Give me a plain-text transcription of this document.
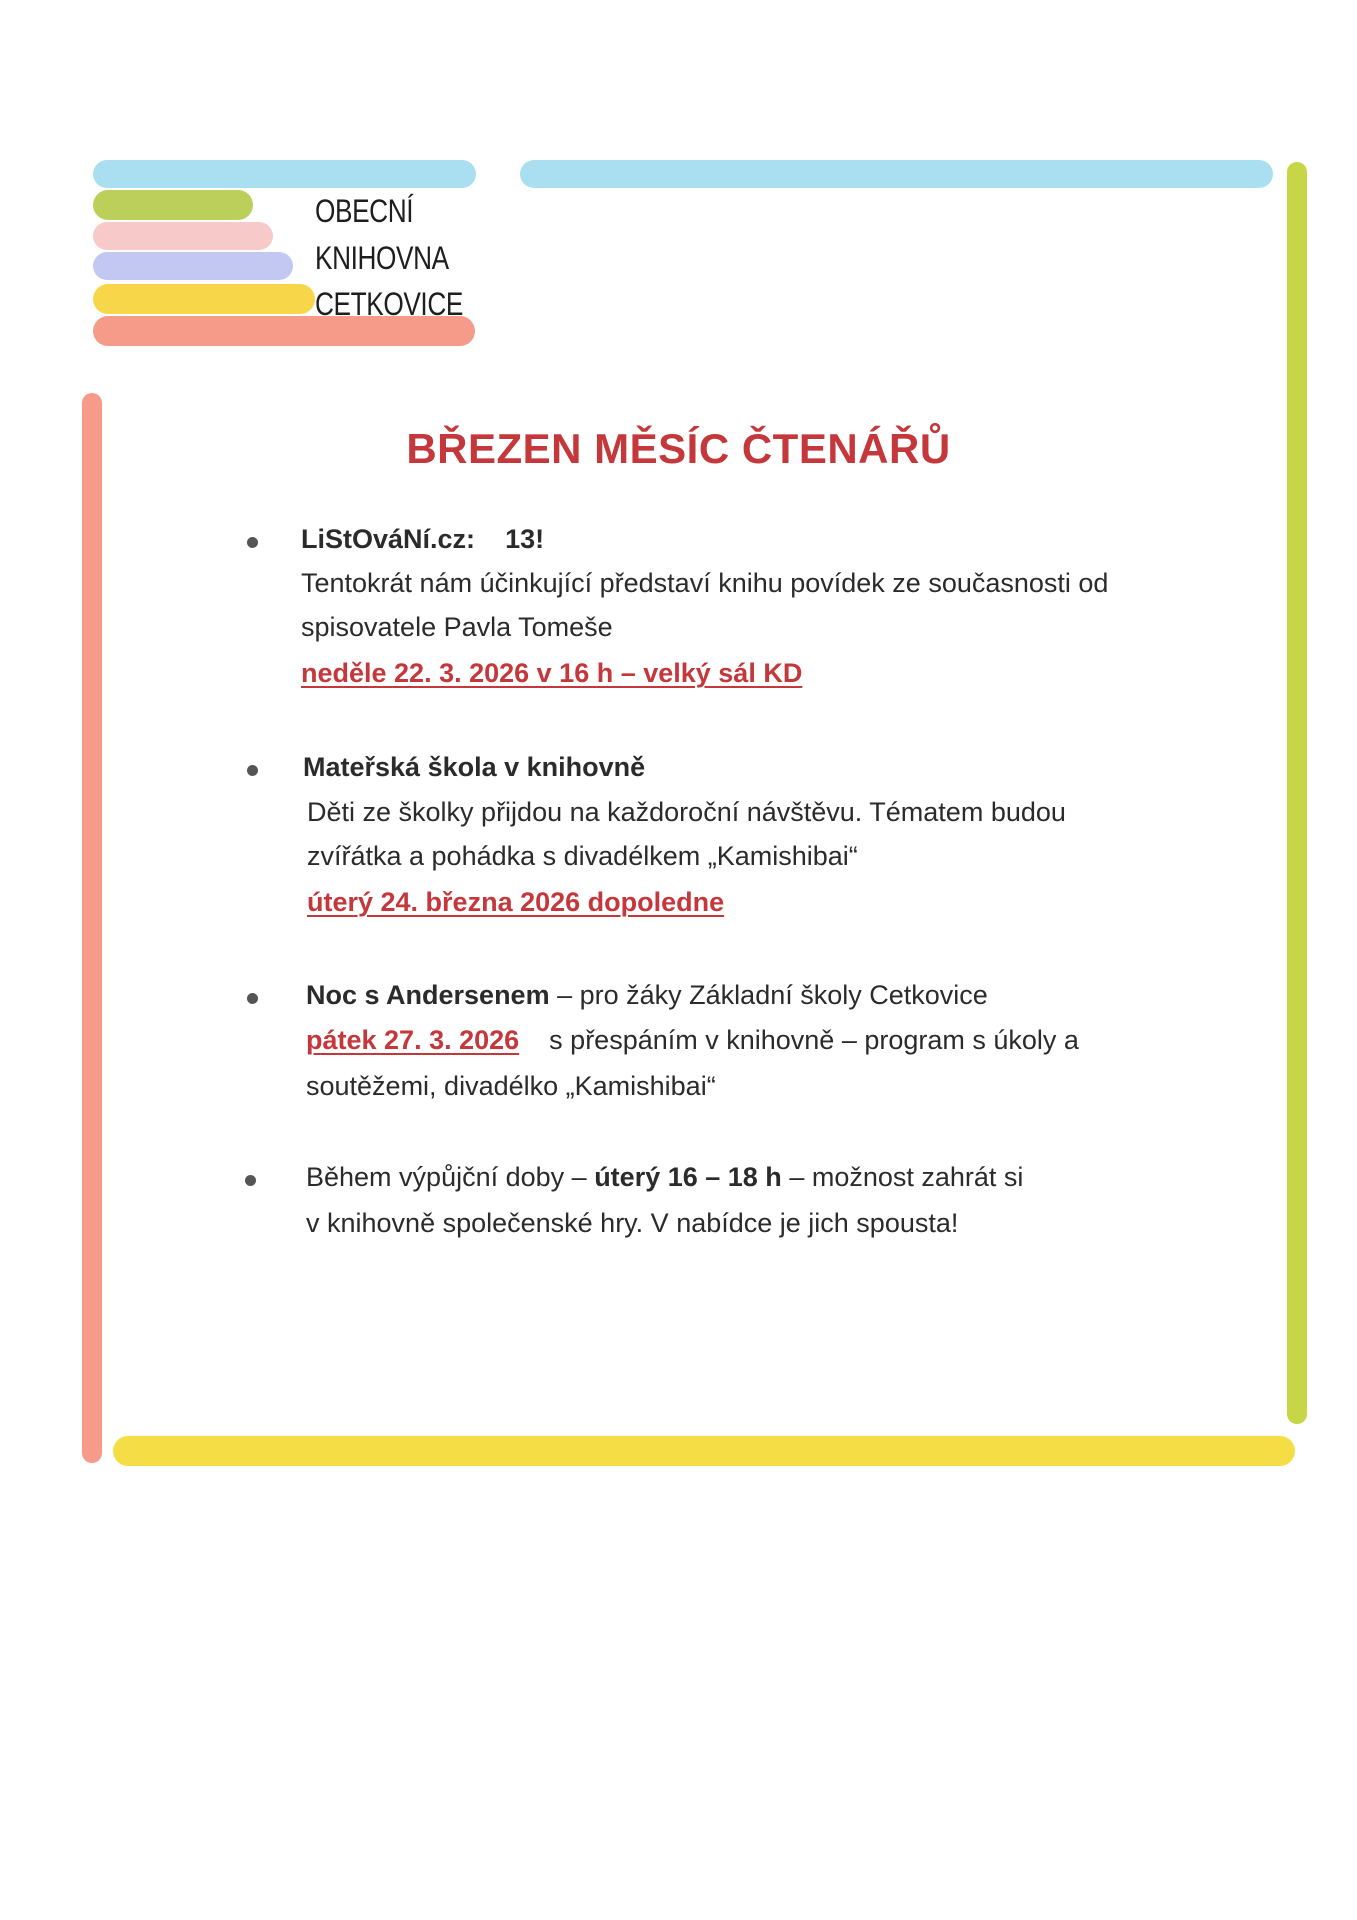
OBECNÍ
KNIHOVNA
CETKOVICE
BŘEZEN MĚSÍC ČTENÁŘŮ
LiStOváNí.cz: 13!
Tentokrát nám účinkující představí knihu povídek ze současnosti od
spisovatele Pavla Tomeše
neděle 22. 3. 2026 v 16 h – velký sál KD
Mateřská škola v knihovně
Děti ze školky přijdou na každoroční návštěvu. Tématem budou
zvířátka a pohádka s divadélkem „Kamishibai“
úterý 24. března 2026 dopoledne
Noc s Andersenem – pro žáky Základní školy Cetkovice
pátek 27. 3. 2026 s přespáním v knihovně – program s úkoly a
soutěžemi, divadélko „Kamishibai“
Během výpůjční doby – úterý 16 – 18 h – možnost zahrát si
v knihovně společenské hry. V nabídce je jich spousta!
